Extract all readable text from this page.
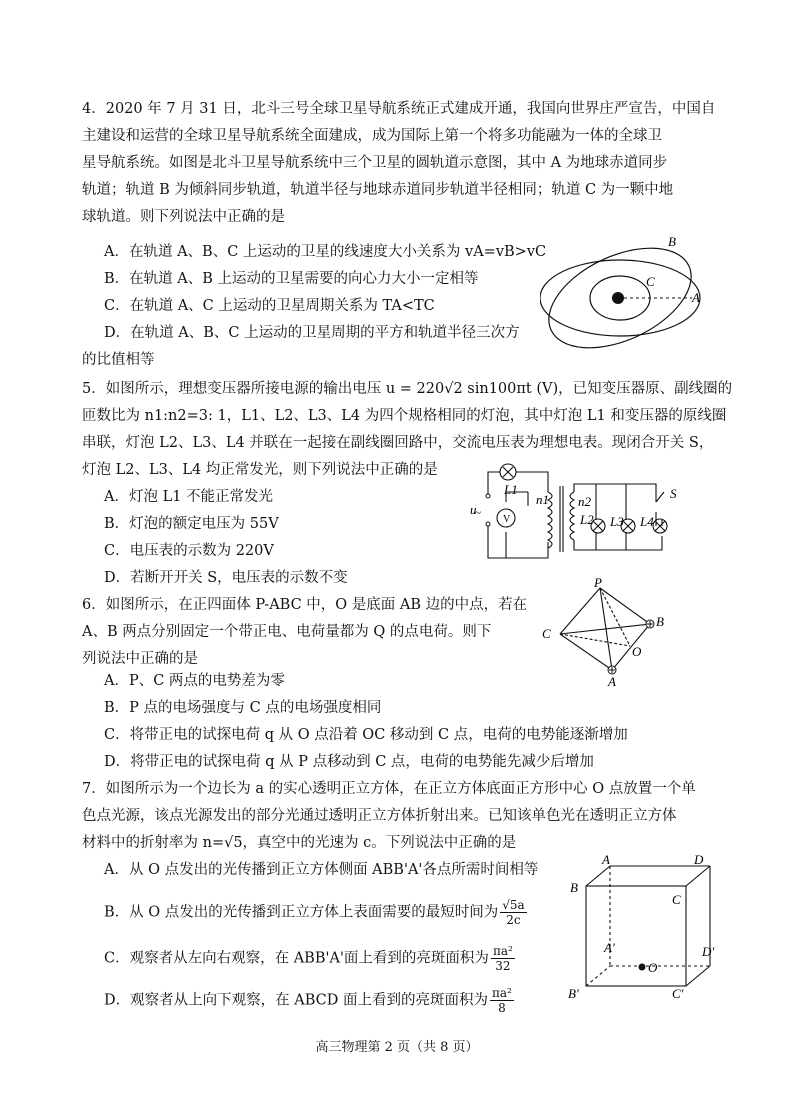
4．2020 年 7 月 31 日，北斗三号全球卫星导航系统正式建成开通，我国向世界庄严宣告，中国自
主建设和运营的全球卫星导航系统全面建成，成为国际上第一个将多功能融为一体的全球卫
星导航系统。如图是北斗卫星导航系统中三个卫星的圆轨道示意图，其中 A 为地球赤道同步
轨道；轨道 B 为倾斜同步轨道，轨道半径与地球赤道同步轨道半径相同；轨道 C 为一颗中地
球轨道。则下列说法中正确的是
A．在轨道 A、B、C 上运动的卫星的线速度大小关系为 vA=vB>vC
B．在轨道 A、B 上运动的卫星需要的向心力大小一定相等
C．在轨道 A、C 上运动的卫星周期关系为 TA<TC
D．在轨道 A、B、C 上运动的卫星周期的平方和轨道半径三次方
的比值相等
B
C
A
5．如图所示，理想变压器所接电源的输出电压 u = 220√2 sin100πt (V)，已知变压器原、副线圈的
匝数比为 n1:n2=3: 1，L1、L2、L3、L4 为四个规格相同的灯泡，其中灯泡 L1 和变压器的原线圈
串联，灯泡 L2、L3、L4 并联在一起接在副线圈回路中，交流电压表为理想电表。现闭合开关 S，
灯泡 L2、L3、L4 均正常发光，则下列说法中正确的是
A．灯泡 L1 不能正常发光
B．灯泡的额定电压为 55V
C．电压表的示数为 220V
D．若断开开关 S，电压表的示数不变
V
L1
n1 n2
L2 L3 L4
S
u
~
6．如图所示，在正四面体 P-ABC 中，O 是底面 AB 边的中点，若在
A、B 两点分别固定一个带正电、电荷量都为 Q 的点电荷。则下
列说法中正确的是
A．P、C 两点的电势差为零
B．P 点的电场强度与 C 点的电场强度相同
C．将带正电的试探电荷 q 从 O 点沿着 OC 移动到 C 点，电荷的电势能逐渐增加
D．将带正电的试探电荷 q 从 P 点移动到 C 点，电荷的电势能先减少后增加
P
B
C
O
A
7．如图所示为一个边长为 a 的实心透明正立方体，在正立方体底面正方形中心 O 点放置一个单
色点光源，该点光源发出的部分光通过透明正立方体折射出来。已知该单色光在透明正立方体
材料中的折射率为 n=√5，真空中的光速为 c。下列说法中正确的是
A．从 O 点发出的光传播到正立方体侧面 ABB'A'各点所需时间相等
B．从 O 点发出的光传播到正立方体上表面需要的最短时间为 $\frac{√5a}{2c}$
C．观察者从左向右观察，在 ABB'A'面上看到的亮斑面积为 $\frac{\text{πa²}}{32}$
D．观察者从上向下观察，在 ABCD 面上看到的亮斑面积为 $\frac{\text{πa²}}{8}$
A	D
B
C
A′	D′
O
B′	C′
高三物理第 2 页（共 8 页）
